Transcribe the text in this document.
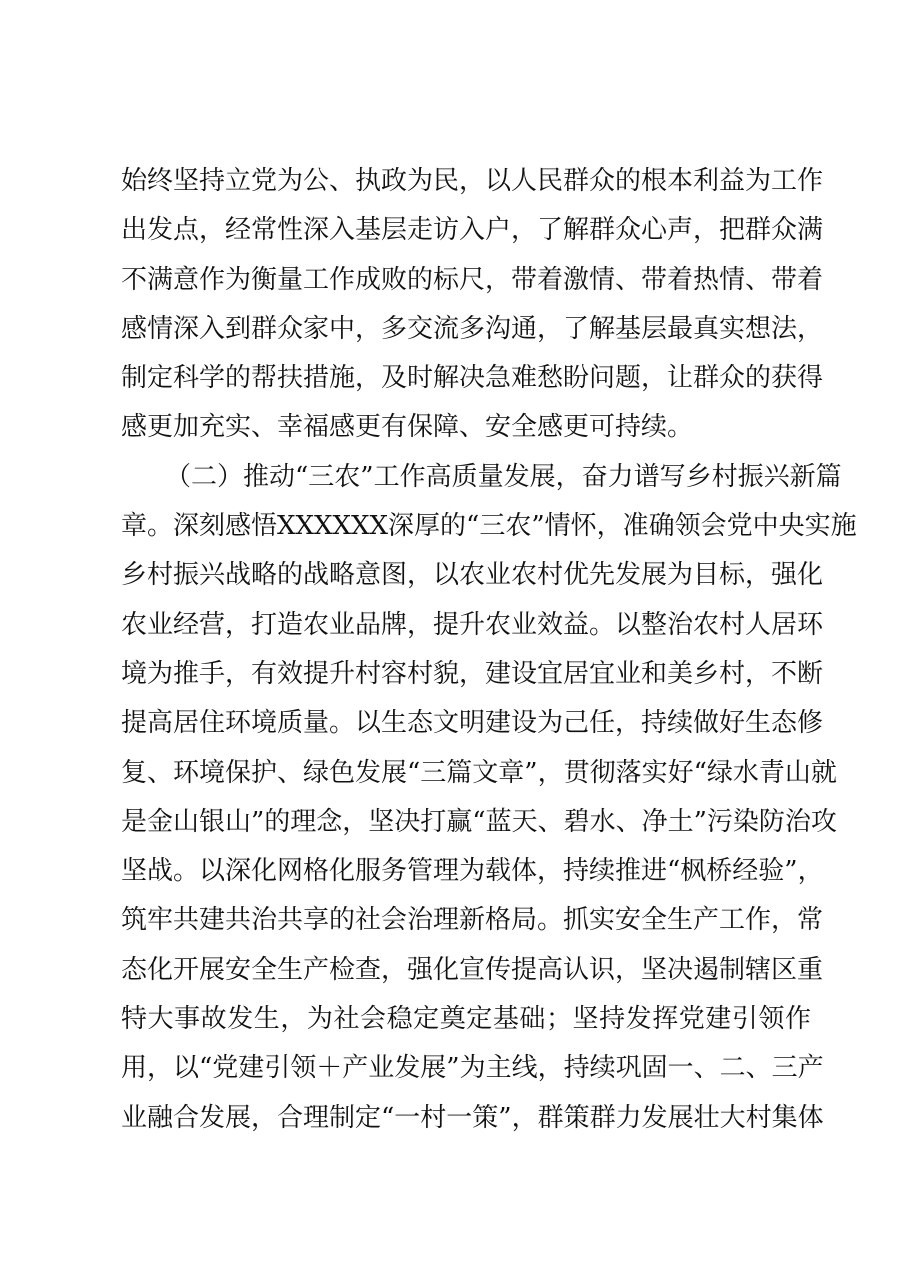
始终坚持立党为公、执政为民，以人民群众的根本利益为工作
出发点，经常性深入基层走访入户，了解群众心声，把群众满
不满意作为衡量工作成败的标尺，带着激情、带着热情、带着
感情深入到群众家中，多交流多沟通，了解基层最真实想法，
制定科学的帮扶措施，及时解决急难愁盼问题，让群众的获得
感更加充实、幸福感更有保障、安全感更可持续。
（二）推动“三农”工作高质量发展，奋力谱写乡村振兴新篇
章。深刻感悟XXXXXX深厚的“三农”情怀，准确领会党中央实施
乡村振兴战略的战略意图，以农业农村优先发展为目标，强化
农业经营，打造农业品牌，提升农业效益。以整治农村人居环
境为推手，有效提升村容村貌，建设宜居宜业和美乡村，不断
提高居住环境质量。以生态文明建设为己任，持续做好生态修
复、环境保护、绿色发展“三篇文章”，贯彻落实好“绿水青山就
是金山银山”的理念，坚决打赢“蓝天、碧水、净土”污染防治攻
坚战。以深化网格化服务管理为载体，持续推进“枫桥经验”，
筑牢共建共治共享的社会治理新格局。抓实安全生产工作，常
态化开展安全生产检查，强化宣传提高认识，坚决遏制辖区重
特大事故发生，为社会稳定奠定基础；坚持发挥党建引领作
用，以“党建引领＋产业发展”为主线，持续巩固一、二、三产
业融合发展，合理制定“一村一策”，群策群力发展壮大村集体
